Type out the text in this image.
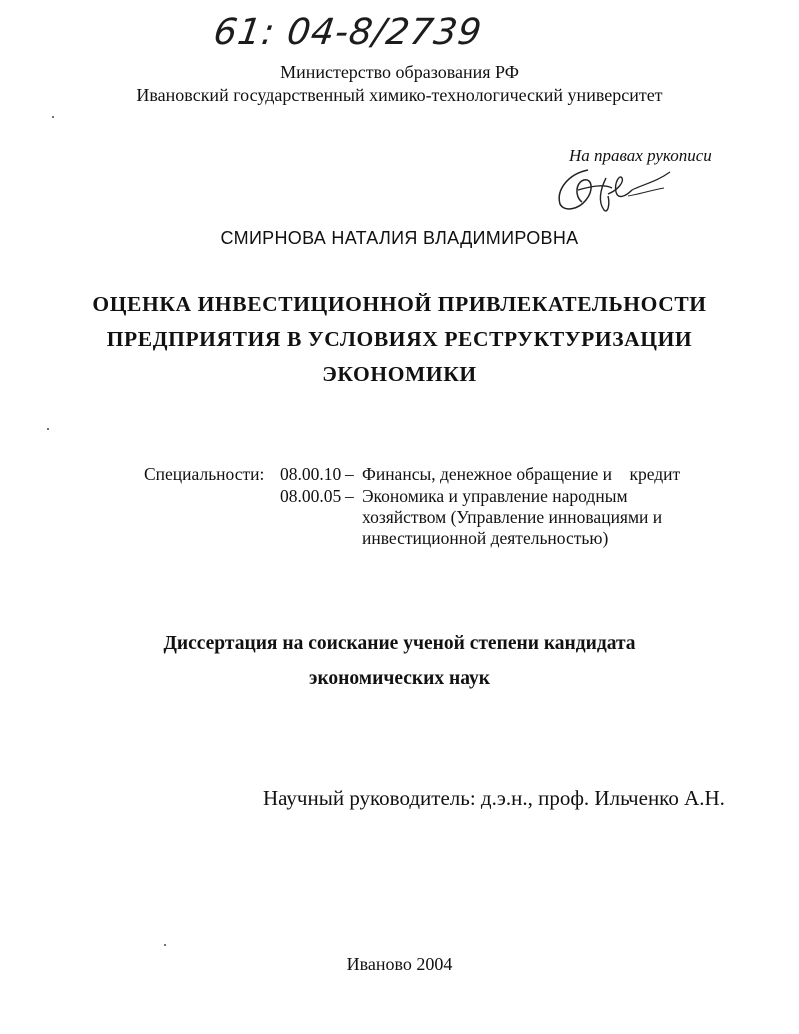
61: 04-8/2739
Министерство образования РФ
Ивановский государственный химико-технологический университет
На правах рукописи
СМИРНОВА НАТАЛИЯ ВЛАДИМИРОВНА
ОЦЕНКА ИНВЕСТИЦИОННОЙ ПРИВЛЕКАТЕЛЬНОСТИ
ПРЕДПРИЯТИЯ В УСЛОВИЯХ РЕСТРУКТУРИЗАЦИИ
ЭКОНОМИКИ
Специальности: 08.00.10 – Финансы, денежное обращение и    кредит
08.00.05 – Экономика и управление народным
хозяйством (Управление инновациями и
инвестиционной деятельностью)
Диссертация на соискание ученой степени кандидата
экономических наук
Научный руководитель: д.э.н., проф. Ильченко А.Н.
Иваново 2004
